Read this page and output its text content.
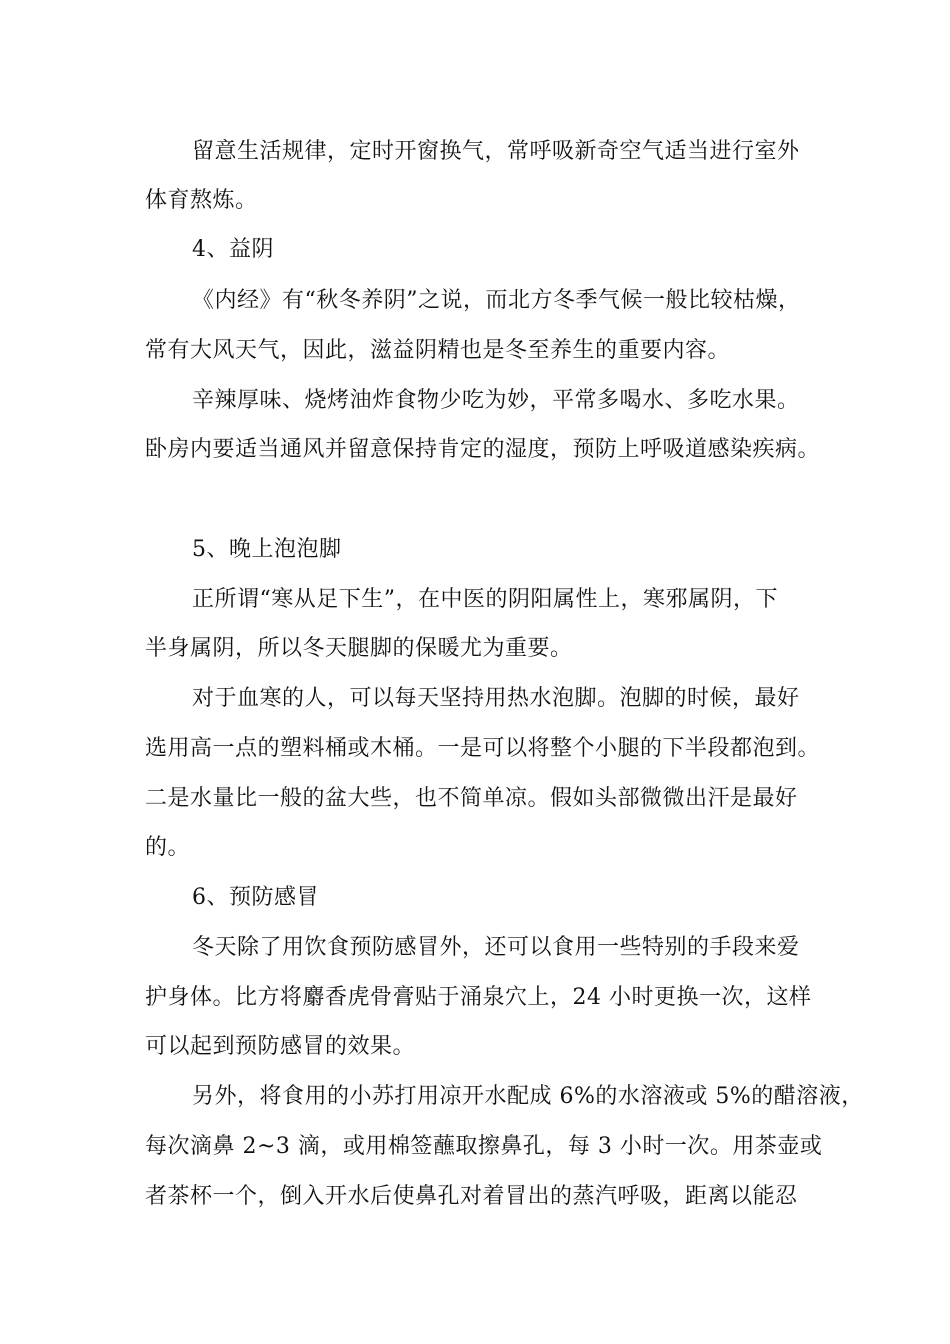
留意生活规律，定时开窗换气，常呼吸新奇空气适当进行室外
体育熬炼。
4、益阴
《内经》有“秋冬养阴”之说，而北方冬季气候一般比较枯燥，
常有大风天气，因此，滋益阴精也是冬至养生的重要内容。
辛辣厚味、烧烤油炸食物少吃为妙，平常多喝水、多吃水果。
卧房内要适当通风并留意保持肯定的湿度，预防上呼吸道感染疾病。
5、晚上泡泡脚
正所谓“寒从足下生”，在中医的阴阳属性上，寒邪属阴，下
半身属阴，所以冬天腿脚的保暖尤为重要。
对于血寒的人，可以每天坚持用热水泡脚。泡脚的时候，最好
选用高一点的塑料桶或木桶。一是可以将整个小腿的下半段都泡到。
二是水量比一般的盆大些，也不简单凉。假如头部微微出汗是最好
的。
6、预防感冒
冬天除了用饮食预防感冒外，还可以食用一些特别的手段来爱
护身体。比方将麝香虎骨膏贴于涌泉穴上，24 小时更换一次，这样
可以起到预防感冒的效果。
另外，将食用的小苏打用凉开水配成 6%的水溶液或 5%的醋溶液，
每次滴鼻 2~3 滴，或用棉签蘸取擦鼻孔，每 3 小时一次。用茶壶或
者茶杯一个，倒入开水后使鼻孔对着冒出的蒸汽呼吸，距离以能忍
